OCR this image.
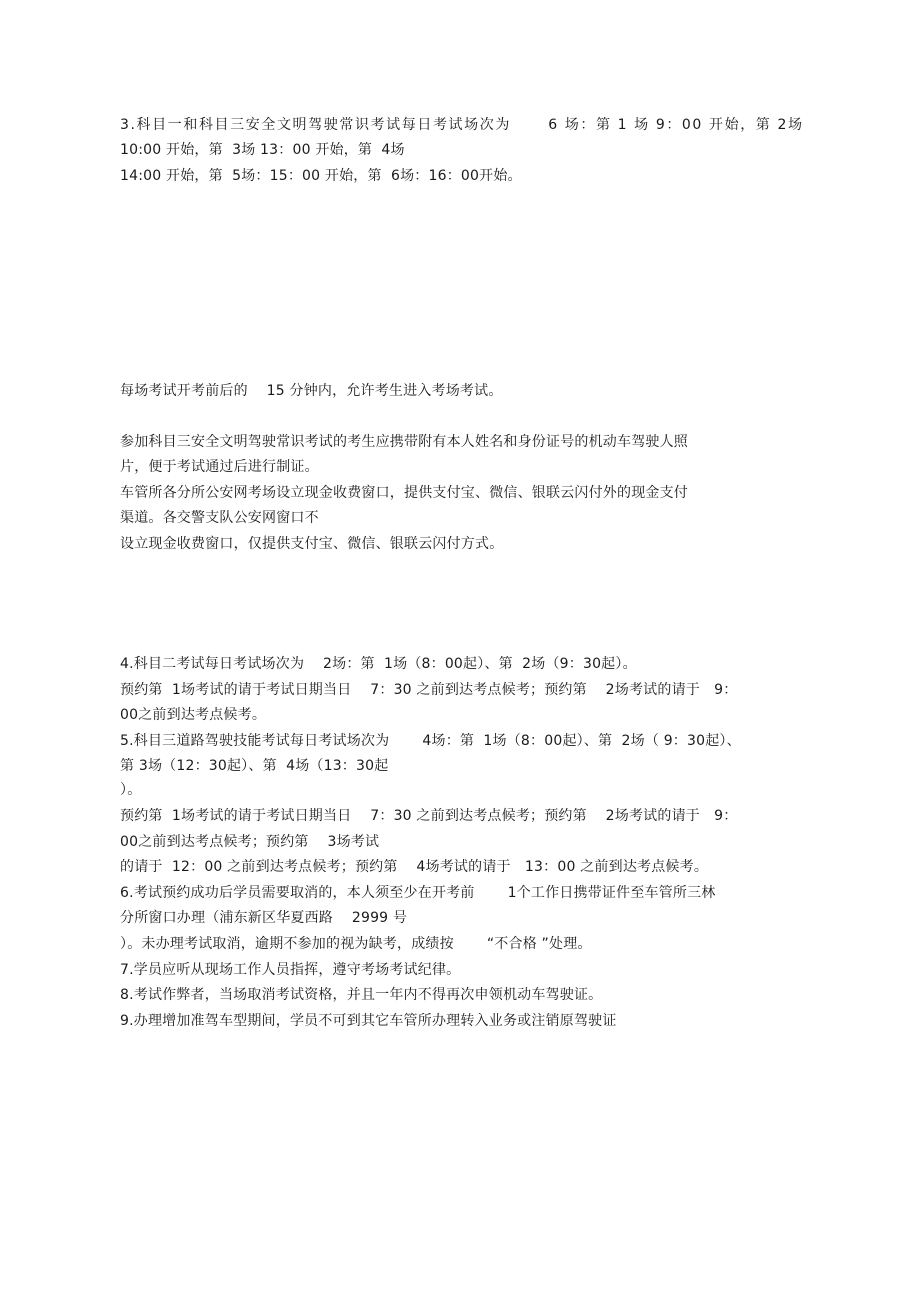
3.科目一和科目三安全文明驾驶常识考试每日考试场次为　　 6 场：第 1 场 9：00 开始，第 2场
10:00 开始，第  3场 13：00 开始，第  4场
14:00 开始，第  5场：15：00 开始，第  6场：16：00开始。
每场考试开考前后的　 15 分钟内，允许考生进入考场考试。
参加科目三安全文明驾驶常识考试的考生应携带附有本人姓名和身份证号的机动车驾驶人照
片，便于考试通过后进行制证。
车管所各分所公安网考场设立现金收费窗口，提供支付宝、微信、银联云闪付外的现金支付
渠道。各交警支队公安网窗口不
设立现金收费窗口，仅提供支付宝、微信、银联云闪付方式。
4.科目二考试每日考试场次为　 2场：第  1场（8：00起）、第  2场（9：30起）。
预约第  1场考试的请于考试日期当日　 7：30 之前到达考点候考；预约第　 2场考试的请于　9：
00之前到达考点候考。
5.科目三道路驾驶技能考试每日考试场次为　　 4场：第  1场（8：00起）、第  2场（ 9：30起）、
第 3场（12：30起）、第  4场（13：30起
）。
预约第  1场考试的请于考试日期当日　 7：30 之前到达考点候考；预约第　 2场考试的请于　9：
00之前到达考点候考；预约第　 3场考试
的请于  12：00 之前到达考点候考；预约第　 4场考试的请于　13：00 之前到达考点候考。
6.考试预约成功后学员需要取消的，本人须至少在开考前　　 1个工作日携带证件至车管所三林
分所窗口办理（浦东新区华夏西路　 2999 号
）。未办理考试取消，逾期不参加的视为缺考，成绩按　　 “不合格 ”处理。
7.学员应听从现场工作人员指挥，遵守考场考试纪律。
8.考试作弊者，当场取消考试资格，并且一年内不得再次申领机动车驾驶证。
9.办理增加准驾车型期间，学员不可到其它车管所办理转入业务或注销原驾驶证
